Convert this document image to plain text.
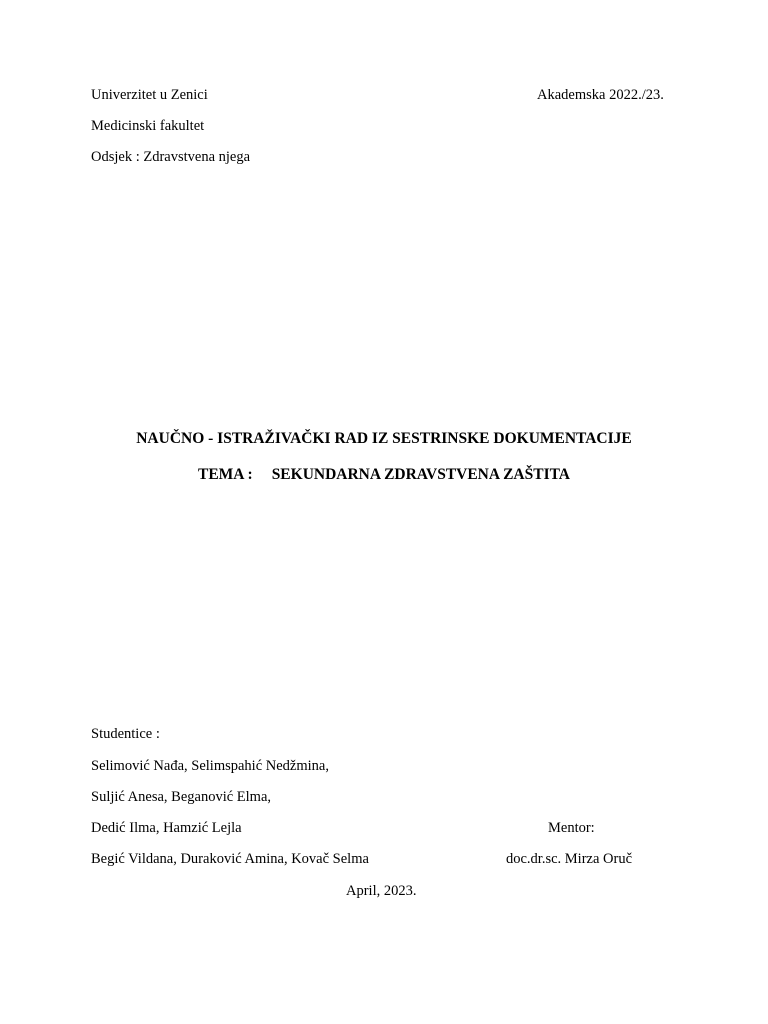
Univerzitet u Zenici	Akademska 2022./23.
Medicinski fakultet
Odsjek : Zdravstvena njega
NAUČNO - ISTRAŽIVAČKI RAD IZ SESTRINSKE DOKUMENTACIJE
TEMA : SEKUNDARNA ZDRAVSTVENA ZAŠTITA
Studentice :
Selimović Nađa, Selimspahić Nedžmina,
Suljić Anesa, Beganović Elma,
Dedić Ilma, Hamzić Lejla
Begić Vildana, Duraković Amina, Kovač Selma
Mentor:
doc.dr.sc. Mirza Oruč
April, 2023.
